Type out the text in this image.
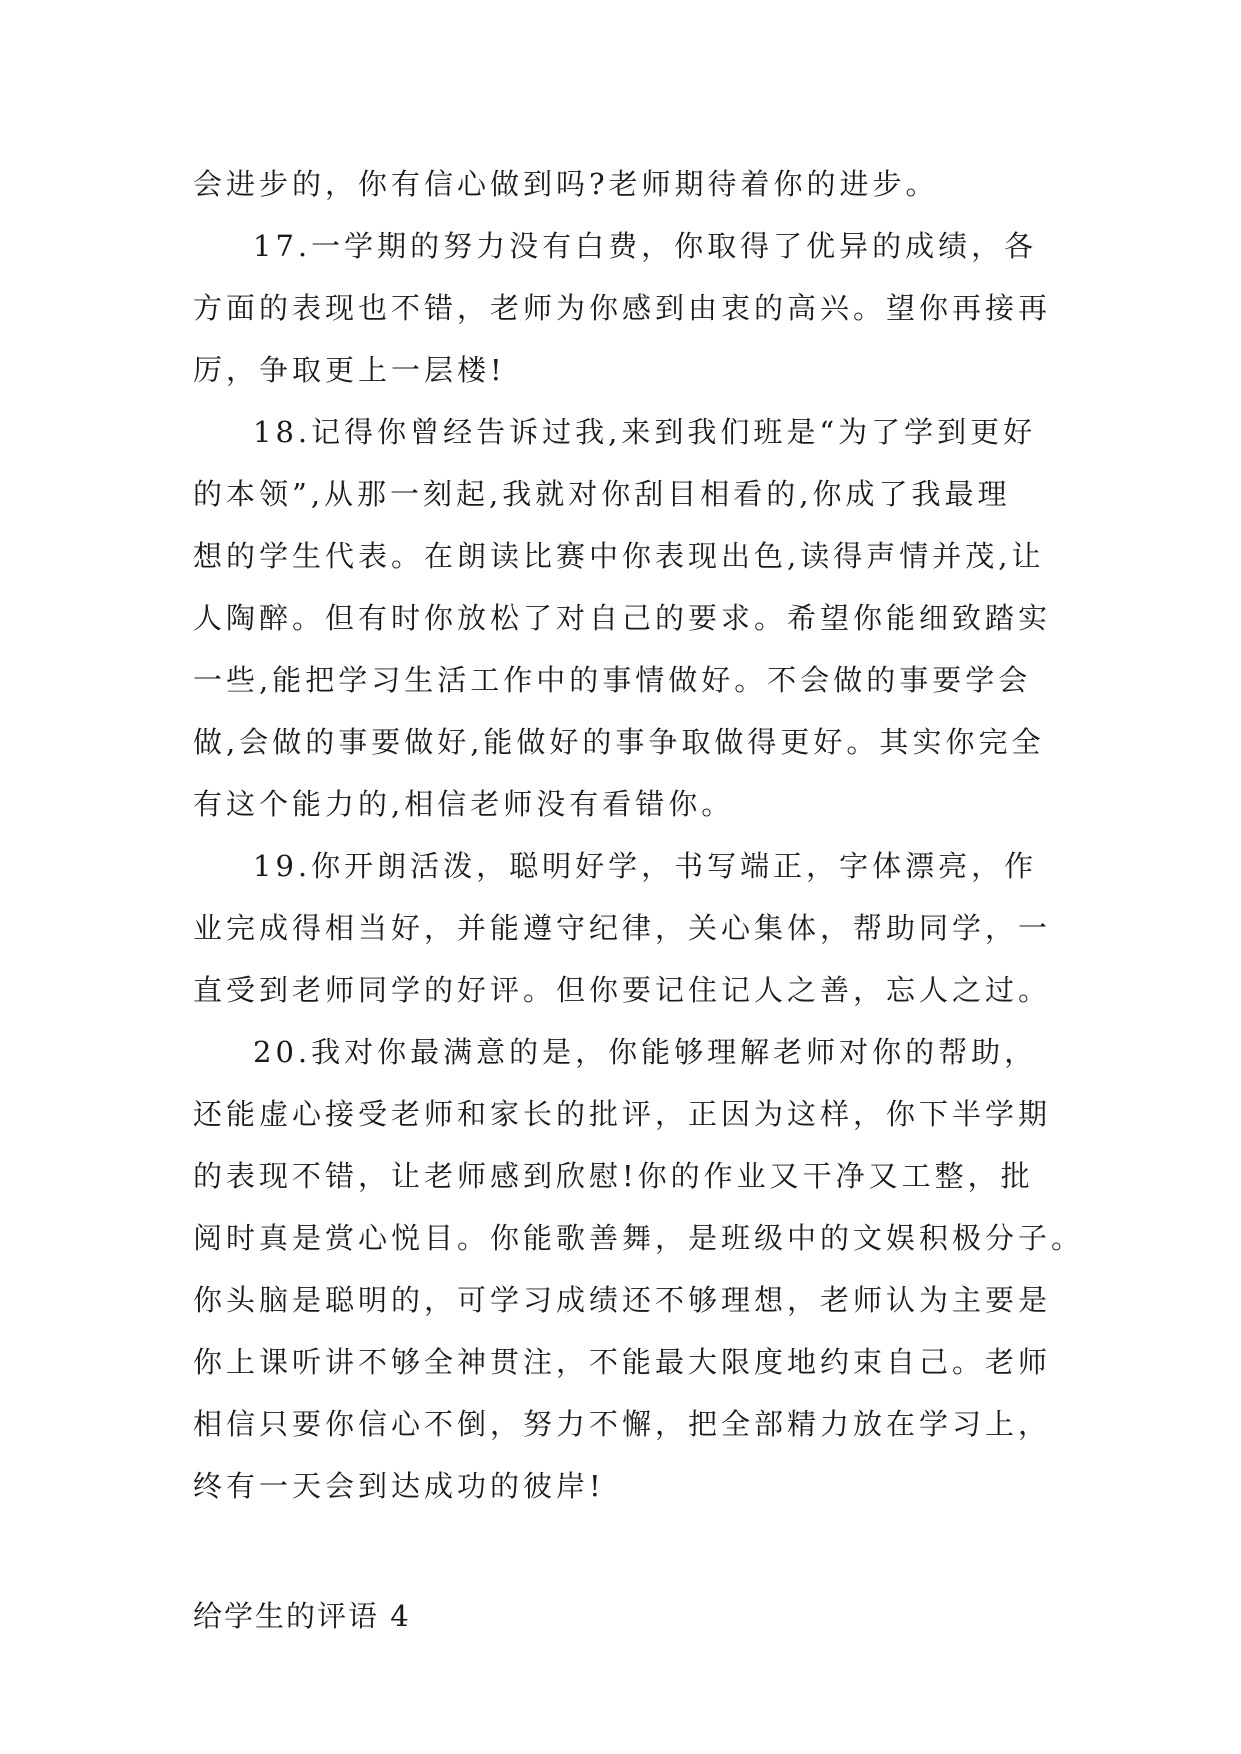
会进步的，你有信心做到吗?老师期待着你的进步。
17.一学期的努力没有白费，你取得了优异的成绩，各
方面的表现也不错，老师为你感到由衷的高兴。望你再接再
厉，争取更上一层楼!
18.记得你曾经告诉过我,来到我们班是“为了学到更好
的本领”,从那一刻起,我就对你刮目相看的,你成了我最理
想的学生代表。在朗读比赛中你表现出色,读得声情并茂,让
人陶醉。但有时你放松了对自己的要求。希望你能细致踏实
一些,能把学习生活工作中的事情做好。不会做的事要学会
做,会做的事要做好,能做好的事争取做得更好。其实你完全
有这个能力的,相信老师没有看错你。
19.你开朗活泼，聪明好学，书写端正，字体漂亮，作
业完成得相当好，并能遵守纪律，关心集体，帮助同学，一
直受到老师同学的好评。但你要记住记人之善，忘人之过。
20.我对你最满意的是，你能够理解老师对你的帮助，
还能虚心接受老师和家长的批评，正因为这样，你下半学期
的表现不错，让老师感到欣慰!你的作业又干净又工整，批
阅时真是赏心悦目。你能歌善舞，是班级中的文娱积极分子。
你头脑是聪明的，可学习成绩还不够理想，老师认为主要是
你上课听讲不够全神贯注，不能最大限度地约束自己。老师
相信只要你信心不倒，努力不懈，把全部精力放在学习上，
终有一天会到达成功的彼岸!
给学生的评语 4
